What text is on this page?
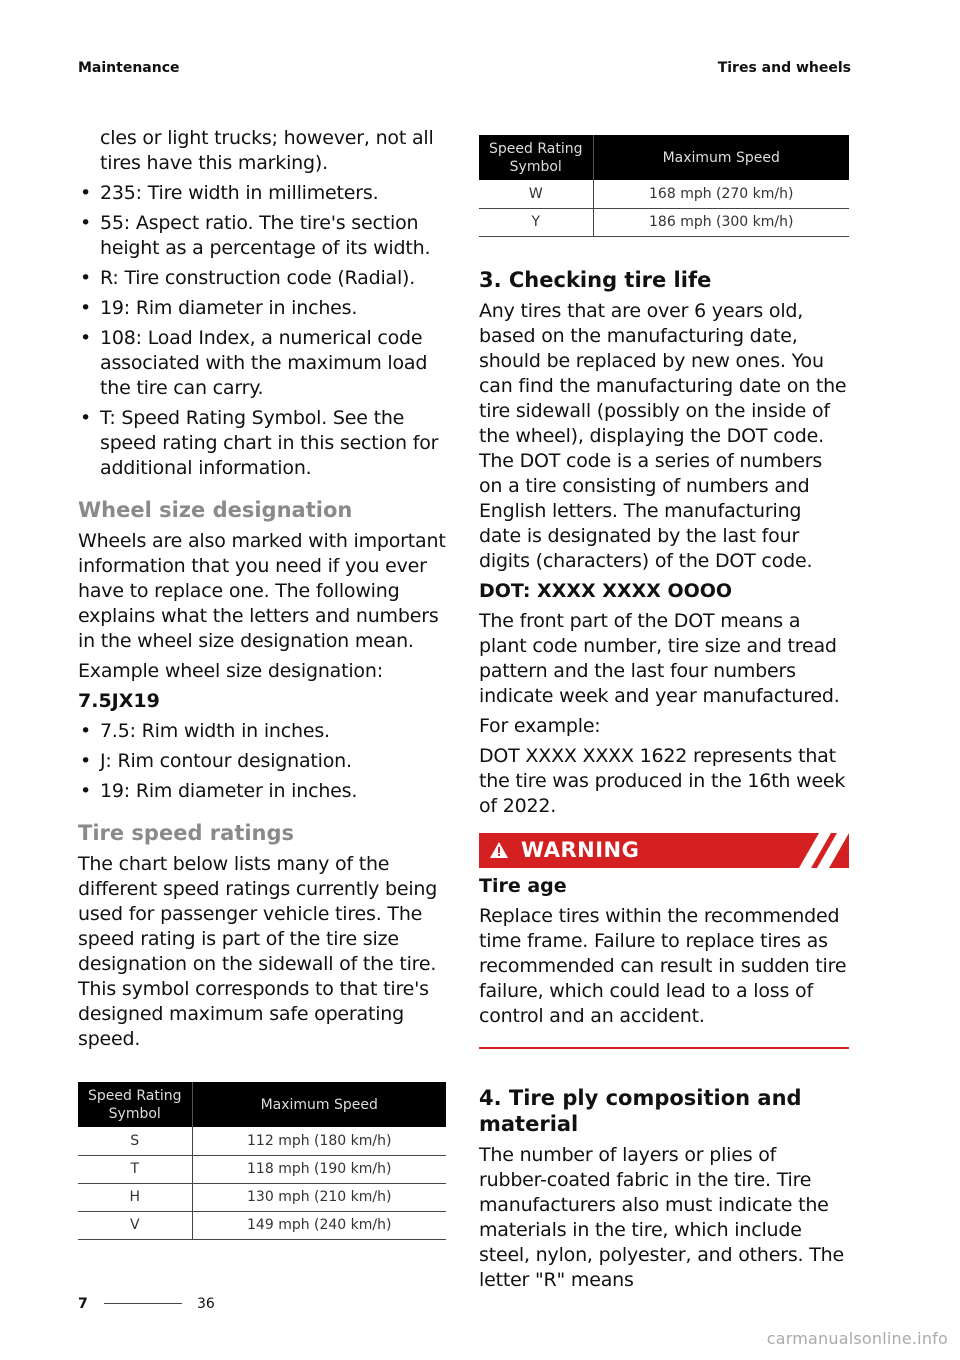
Maintenance	Tires and wheels

cles or light trucks; however, not all tires have this marking).

• 235: Tire width in millimeters.
• 55: Aspect ratio. The tire's section height as a percentage of its width.
• R: Tire construction code (Radial).
• 19: Rim diameter in inches.
• 108: Load Index, a numerical code associated with the maximum load the tire can carry.
• T: Speed Rating Symbol. See the speed rating chart in this section for additional information.
Wheel size designation

Wheels are also marked with important information that you need if you ever have to replace one. The following explains what the letters and numbers in the wheel size designation mean.

Example wheel size designation:

7.5JX19

• 7.5: Rim width in inches.
• J: Rim contour designation.
• 19: Rim diameter in inches.
Tire speed ratings

The chart below lists many of the different speed ratings currently being used for passenger vehicle tires. The speed rating is part of the tire size designation on the sidewall of the tire. This symbol corresponds to that tire's designed maximum safe operating speed.

Speed Rating Symbol	Maximum Speed
S	112 mph (180 km/h)
T	118 mph (190 km/h)
H	130 mph (210 km/h)
V	149 mph (240 km/h)
Speed Rating Symbol	Maximum Speed
W	168 mph (270 km/h)
Y	186 mph (300 km/h)
3. Checking tire life

Any tires that are over 6 years old, based on the manufacturing date, should be replaced by new ones. You can find the manufacturing date on the tire sidewall (possibly on the inside of the wheel), displaying the DOT code. The DOT code is a series of numbers on a tire consisting of numbers and English letters. The manufacturing date is designated by the last four digits (characters) of the DOT code.

DOT: XXXX XXXX OOOO

The front part of the DOT means a plant code number, tire size and tread pattern and the last four numbers indicate week and year manufactured.

For example:

DOT XXXX XXXX 1622 represents that the tire was produced in the 16th week of 2022.

WARNING

Tire age

Replace tires within the recommended time frame. Failure to replace tires as recommended can result in sudden tire failure, which could lead to a loss of control and an accident.

4. Tire ply composition and material

The number of layers or plies of rubber-coated fabric in the tire. Tire manufacturers also must indicate the materials in the tire, which include steel, nylon, polyester, and others. The letter "R" means

7	36
carmanualsonline.info
